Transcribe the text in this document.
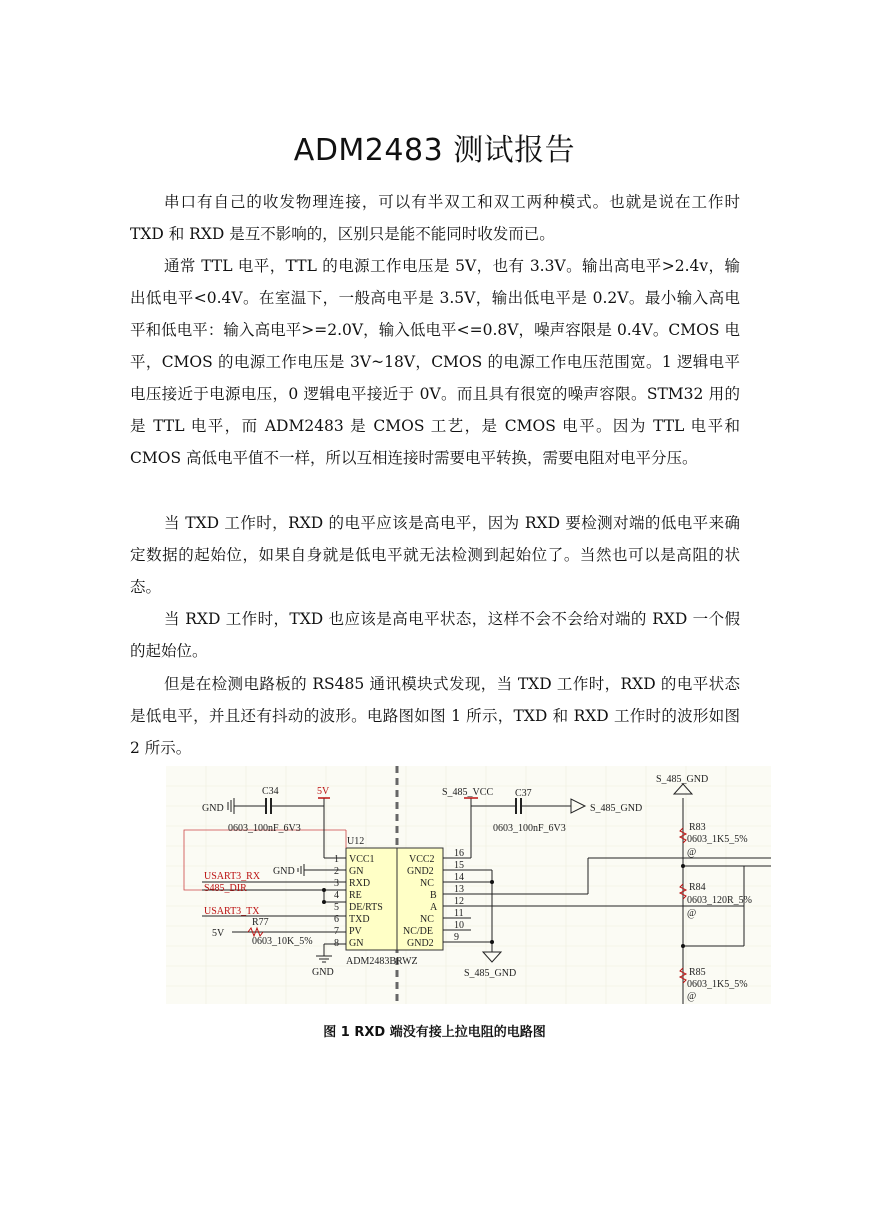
ADM2483 测试报告

串口有自己的收发物理连接，可以有半双工和双工两种模式。也就是说在工作时 TXD 和 RXD 是互不影响的，区别只是能不能同时收发而已。

通常 TTL 电平，TTL 的电源工作电压是 5V，也有 3.3V。输出高电平>2.4v，输出低电平<0.4V。在室温下，一般高电平是 3.5V，输出低电平是 0.2V。最小输入高电平和低电平：输入高电平>=2.0V，输入低电平<=0.8V，噪声容限是 0.4V。CMOS 电平，CMOS 的电源工作电压是 3V~18V，CMOS 的电源工作电压范围宽。1 逻辑电平电压接近于电源电压，0 逻辑电平接近于 0V。而且具有很宽的噪声容限。STM32 用的是 TTL 电平，而 ADM2483 是 CMOS 工艺，是 CMOS 电平。因为 TTL 电平和 CMOS 高低电平值不一样，所以互相连接时需要电平转换，需要电阻对电平分压。

当 TXD 工作时，RXD 的电平应该是高电平，因为 RXD 要检测对端的低电平来确定数据的起始位，如果自身就是低电平就无法检测到起始位了。当然也可以是高阻的状态。

当 RXD 工作时，TXD 也应该是高电平状态，这样不会不会给对端的 RXD 一个假的起始位。

但是在检测电路板的 RS485 通讯模块式发现，当 TXD 工作时，RXD 的电平状态是低电平，并且还有抖动的波形。电路图如图 1 所示，TXD 和 RXD 工作时的波形如图 2 所示。

GND
C34
0603_100nF_6V3
5V
U12
GND
USART3_RX
S485_DIR
USART3_TX
R77
5V
0603_10K_5%
GND
1
2
3
4
5
6
7
8
VCC1
GN
RXD
RE
DE/RTS
TXD
PV
GN
VCC2
GND2
NC
B
A
NC
NC/DE
GND2
16
15
14
13
12
11
10
9
ADM2483BRWZ
S_485_VCC C37
0603_100nF_6V3
S_485_GND
S_485_GND
S_485_GND
R83
0603_1K5_5%
@
R84
0603_120R_5%
@
R85
0603_1K5_5%
@
图 1 RXD 端没有接上拉电阻的电路图
